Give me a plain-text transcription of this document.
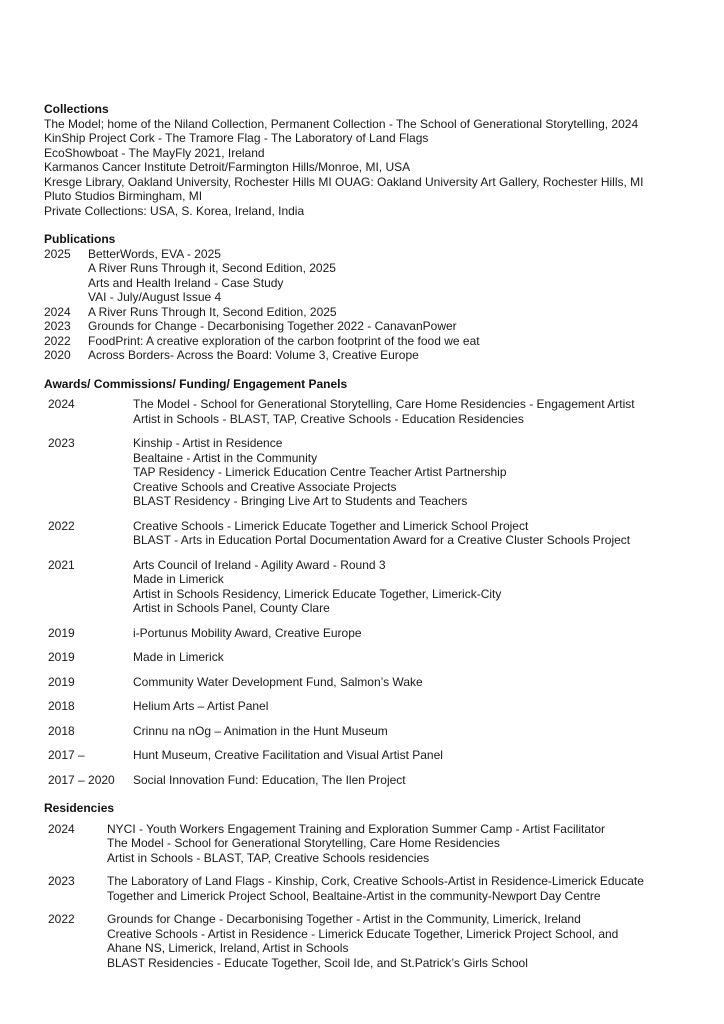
Collections
The Model; home of the Niland Collection, Permanent Collection - The School of Generational Storytelling, 2024
KinShip Project Cork - The Tramore Flag - The Laboratory of Land Flags
EcoShowboat - The MayFly 2021, Ireland
Karmanos Cancer Institute Detroit/Farmington Hills/Monroe, MI, USA
Kresge Library, Oakland University, Rochester Hills MI OUAG: Oakland University Art Gallery, Rochester Hills, MI
Pluto Studios Birmingham, MI
Private Collections: USA, S. Korea, Ireland, India
Publications
2025	BetterWords, EVA - 2025
A River Runs Through it, Second Edition, 2025
Arts and Health Ireland - Case Study
VAI - July/August Issue 4
2024	A River Runs Through It, Second Edition, 2025
2023	Grounds for Change - Decarbonising Together 2022 - CanavanPower
2022	FoodPrint: A creative exploration of the carbon footprint of the food we eat
2020	Across Borders- Across the Board: Volume 3, Creative Europe
Awards/ Commissions/ Funding/ Engagement Panels
2024	The Model - School for Generational Storytelling, Care Home Residencies - Engagement Artist
Artist in Schools - BLAST, TAP, Creative Schools - Education Residencies
2023	Kinship - Artist in Residence
Bealtaine - Artist in the Community
TAP Residency - Limerick Education Centre Teacher Artist Partnership
Creative Schools and Creative Associate Projects
BLAST Residency - Bringing Live Art to Students and Teachers
2022	Creative Schools - Limerick Educate Together and Limerick School Project
BLAST - Arts in Education Portal Documentation Award for a Creative Cluster Schools Project
2021	Arts Council of Ireland - Agility Award - Round 3
Made in Limerick
Artist in Schools Residency, Limerick Educate Together, Limerick-City
Artist in Schools Panel, County Clare
2019	i-Portunus Mobility Award, Creative Europe
2019	Made in Limerick
2019	Community Water Development Fund, Salmon’s Wake
2018	Helium Arts – Artist Panel
2018	Crinnu na nOg – Animation in the Hunt Museum
2017 –	Hunt Museum, Creative Facilitation and Visual Artist Panel
2017 – 2020	Social Innovation Fund: Education, The Ilen Project
Residencies
2024	NYCI - Youth Workers Engagement Training and Exploration Summer Camp - Artist Facilitator
The Model - School for Generational Storytelling, Care Home Residencies
Artist in Schools - BLAST, TAP, Creative Schools residencies
2023	The Laboratory of Land Flags - Kinship, Cork, Creative Schools-Artist in Residence-Limerick Educate
Together and Limerick Project School, Bealtaine-Artist in the community-Newport Day Centre
2022	Grounds for Change - Decarbonising Together - Artist in the Community, Limerick, Ireland
Creative Schools - Artist in Residence - Limerick Educate Together, Limerick Project School, and
Ahane NS, Limerick, Ireland, Artist in Schools
BLAST Residencies - Educate Together, Scoil Ide, and St.Patrick’s Girls School
